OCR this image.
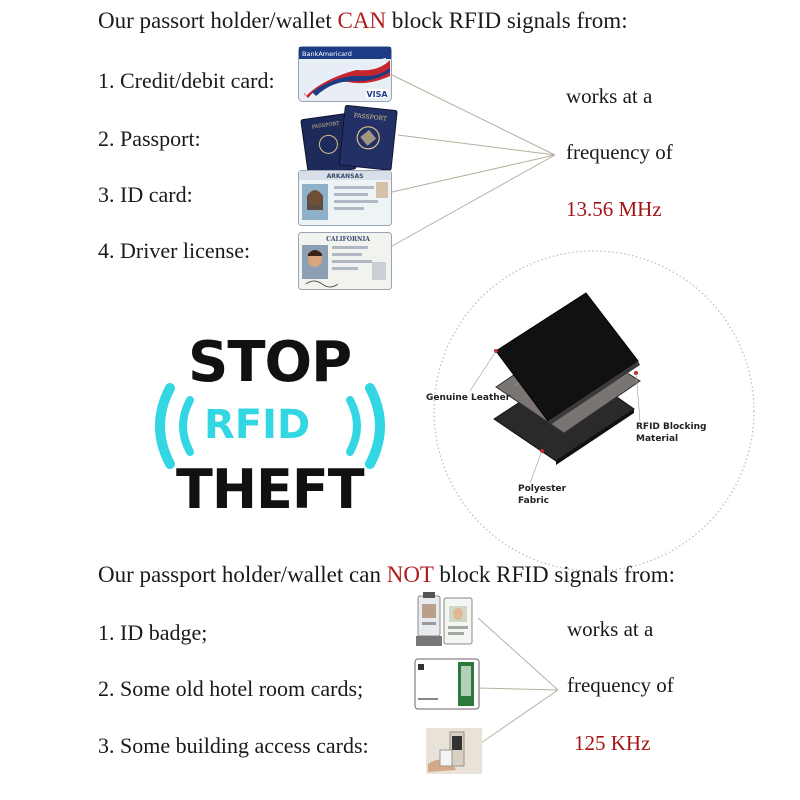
Our passort holder/wallet CAN block RFID signals from:
1. Credit/debit card:
2. Passport:
3. ID card:
4. Driver license:
VISA
BankAmericard
PASSPORT
PASSPORT
ARKANSAS
CALIFORNIA
works at a
frequency of
13.56 MHz
STOP
THEFT
RFID
Genuine Leather
RFID Blocking
Material
Polyester
Fabric
Our passport holder/wallet can NOT block RFID signals from:
1. ID badge;
2. Some old hotel room cards;
3. Some building access cards:
works at a
frequency of
125 KHz
